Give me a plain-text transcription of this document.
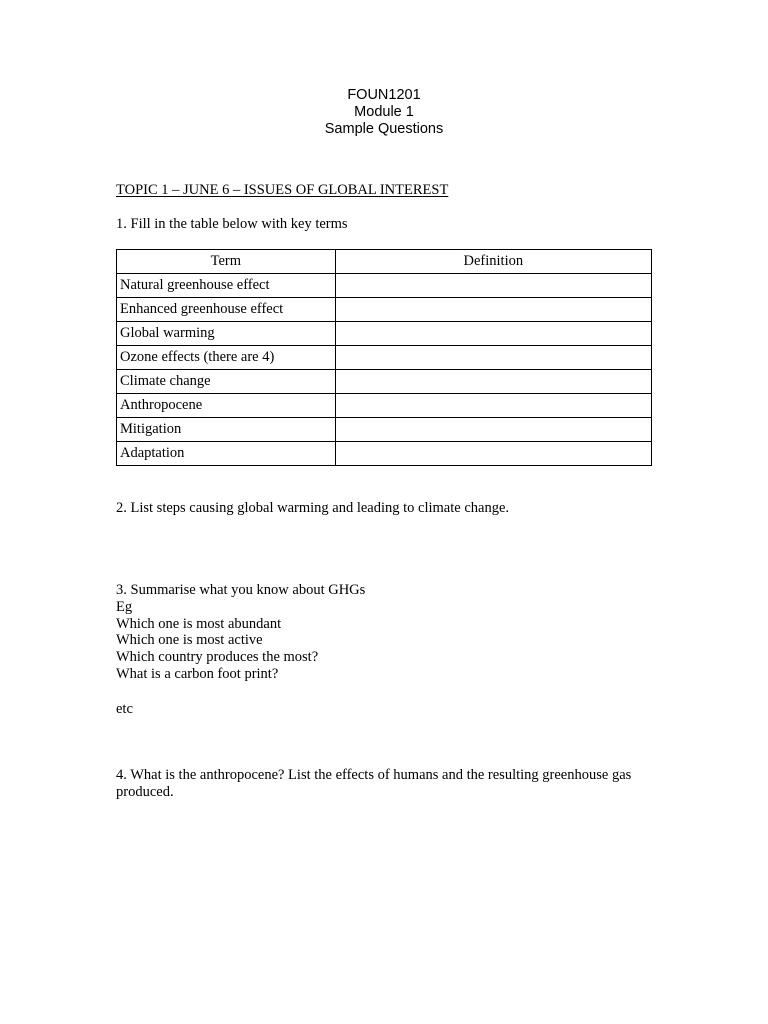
FOUN1201
Module 1
Sample Questions
TOPIC 1 – JUNE 6 – ISSUES OF GLOBAL INTEREST
1. Fill in the table below with key terms
Term	Definition
Natural greenhouse effect	
Enhanced greenhouse effect	
Global warming	
Ozone effects (there are 4)	
Climate change	
Anthropocene	
Mitigation	
Adaptation	
2. List steps causing global warming and leading to climate change.
3. Summarise what you know about GHGs
Eg
Which one is most abundant
Which one is most active
Which country produces the most?
What is a carbon foot print?
etc
4. What is the anthropocene? List the effects of humans and the resulting greenhouse gas produced.
